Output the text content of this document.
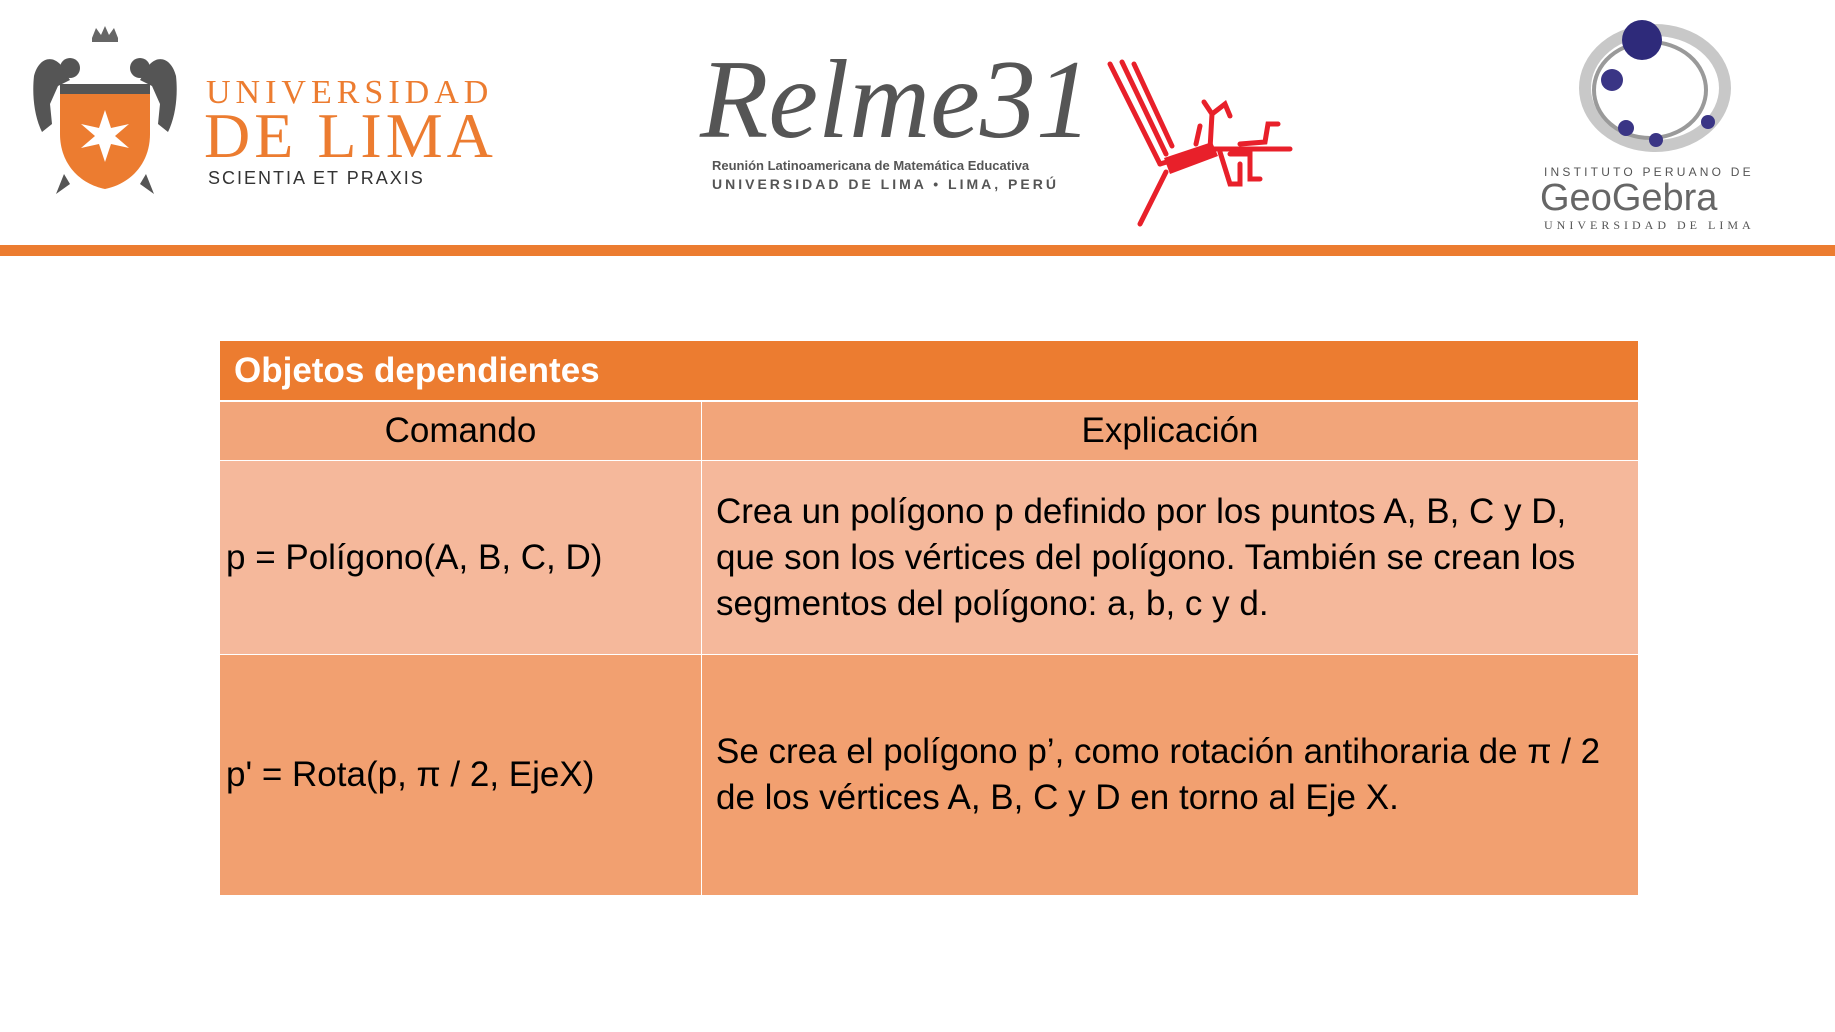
UNIVERSIDAD
DE LIMA
SCIENTIA ET PRAXIS
Relme31
Reunión Latinoamericana de Matemática Educativa
UNIVERSIDAD DE LIMA • LIMA, PERÚ
INSTITUTO PERUANO DE
GeoGebra
UNIVERSIDAD DE LIMA
Objetos dependientes	
Comando	Explicación
p = Polígono(A, B, C, D)	Crea un polígono p definido por los puntos A, B, C y D, que son los vértices del polígono. También se crean los segmentos del polígono: a, b, c y d.
p' = Rota(p, π / 2, EjeX)	Se crea el polígono p’, como rotación antihoraria de π / 2 de los vértices A, B, C y D en torno al Eje X.
